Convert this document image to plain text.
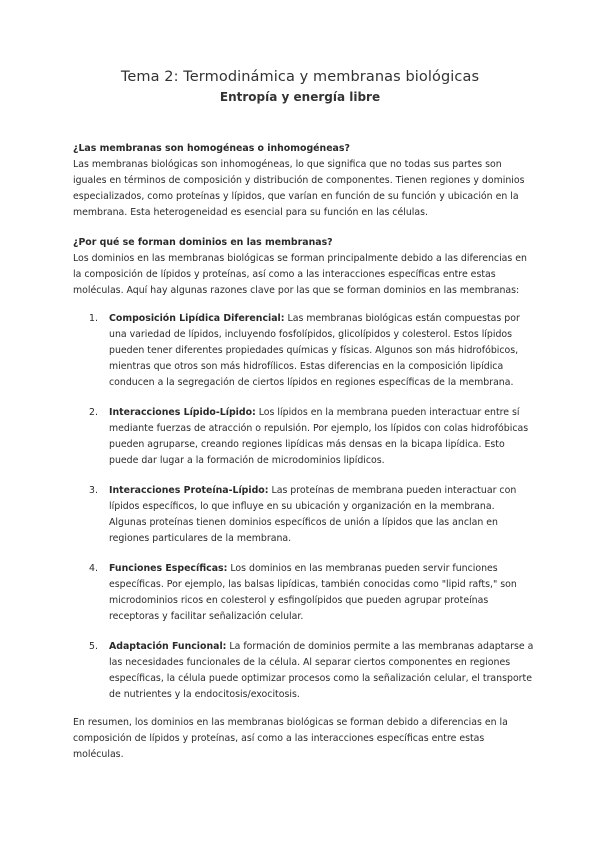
Tema 2: Termodinámica y membranas biológicas
Entropía y energía libre
¿Las membranas son homogéneas o inhomogéneas?
Las membranas biológicas son inhomogéneas, lo que significa que no todas sus partes son iguales en términos de composición y distribución de componentes. Tienen regiones y dominios especializados, como proteínas y lípidos, que varían en función de su función y ubicación en la membrana. Esta heterogeneidad es esencial para su función en las células.
¿Por qué se forman dominios en las membranas?
Los dominios en las membranas biológicas se forman principalmente debido a las diferencias en la composición de lípidos y proteínas, así como a las interacciones específicas entre estas moléculas. Aquí hay algunas razones clave por las que se forman dominios en las membranas:
1. Composición Lipídica Diferencial: Las membranas biológicas están compuestas por una variedad de lípidos, incluyendo fosfolípidos, glicolípidos y colesterol. Estos lípidos pueden tener diferentes propiedades químicas y físicas. Algunos son más hidrofóbicos, mientras que otros son más hidrofílicos. Estas diferencias en la composición lipídica conducen a la segregación de ciertos lípidos en regiones específicas de la membrana.
2. Interacciones Lípido-Lípido: Los lípidos en la membrana pueden interactuar entre sí mediante fuerzas de atracción o repulsión. Por ejemplo, los lípidos con colas hidrofóbicas pueden agruparse, creando regiones lipídicas más densas en la bicapa lipídica. Esto puede dar lugar a la formación de microdominios lipídicos.
3. Interacciones Proteína-Lípido: Las proteínas de membrana pueden interactuar con lípidos específicos, lo que influye en su ubicación y organización en la membrana. Algunas proteínas tienen dominios específicos de unión a lípidos que las anclan en regiones particulares de la membrana.
4. Funciones Específicas: Los dominios en las membranas pueden servir funciones específicas. Por ejemplo, las balsas lipídicas, también conocidas como "lipid rafts," son microdominios ricos en colesterol y esfingolípidos que pueden agrupar proteínas receptoras y facilitar señalización celular.
5. Adaptación Funcional: La formación de dominios permite a las membranas adaptarse a las necesidades funcionales de la célula. Al separar ciertos componentes en regiones específicas, la célula puede optimizar procesos como la señalización celular, el transporte de nutrientes y la endocitosis/exocitosis.
En resumen, los dominios en las membranas biológicas se forman debido a diferencias en la composición de lípidos y proteínas, así como a las interacciones específicas entre estas moléculas.
